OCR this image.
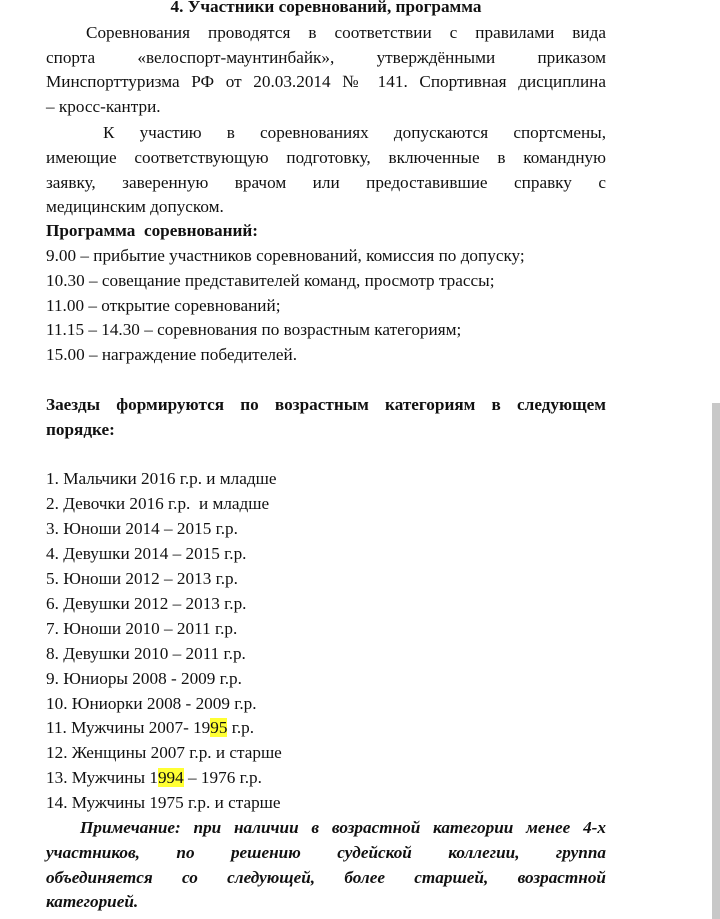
4. Участники соревнований, программа
Соревнования проводятся в соответствии с правилами вида
спорта «велоспорт-маунтинбайк», утверждёнными приказом
Минспорттуризма РФ от 20.03.2014 № 141. Спортивная дисциплина
– кросс-кантри.
К участию в соревнованиях допускаются спортсмены,
имеющие соответствующую подготовку, включенные в командную
заявку, заверенную врачом или предоставившие справку с
медицинским допуском.
Программа  соревнований:
9.00 – прибытие участников соревнований, комиссия по допуску;
10.30 – совещание представителей команд, просмотр трассы;
11.00 – открытие соревнований;
11.15 – 14.30 – соревнования по возрастным категориям;
15.00 – награждение победителей.
Заезды формируются по возрастным категориям в следующем
порядке:
1. Мальчики 2016 г.р. и младше
2. Девочки 2016 г.р.  и младше
3. Юноши 2014 – 2015 г.р.
4. Девушки 2014 – 2015 г.р.
5. Юноши 2012 – 2013 г.р.
6. Девушки 2012 – 2013 г.р.
7. Юноши 2010 – 2011 г.р.
8. Девушки 2010 – 2011 г.р.
9. Юниоры 2008 - 2009 г.р.
10. Юниорки 2008 - 2009 г.р.
11. Мужчины 2007- 1995 г.р.
12. Женщины 2007 г.р. и старше
13. Мужчины 1994 – 1976 г.р.
14. Мужчины 1975 г.р. и старше
Примечание: при наличии в возрастной категории менее 4-х
участников, по решению судейской коллегии, группа
объединяется со следующей, более старшей, возрастной
категорией.
